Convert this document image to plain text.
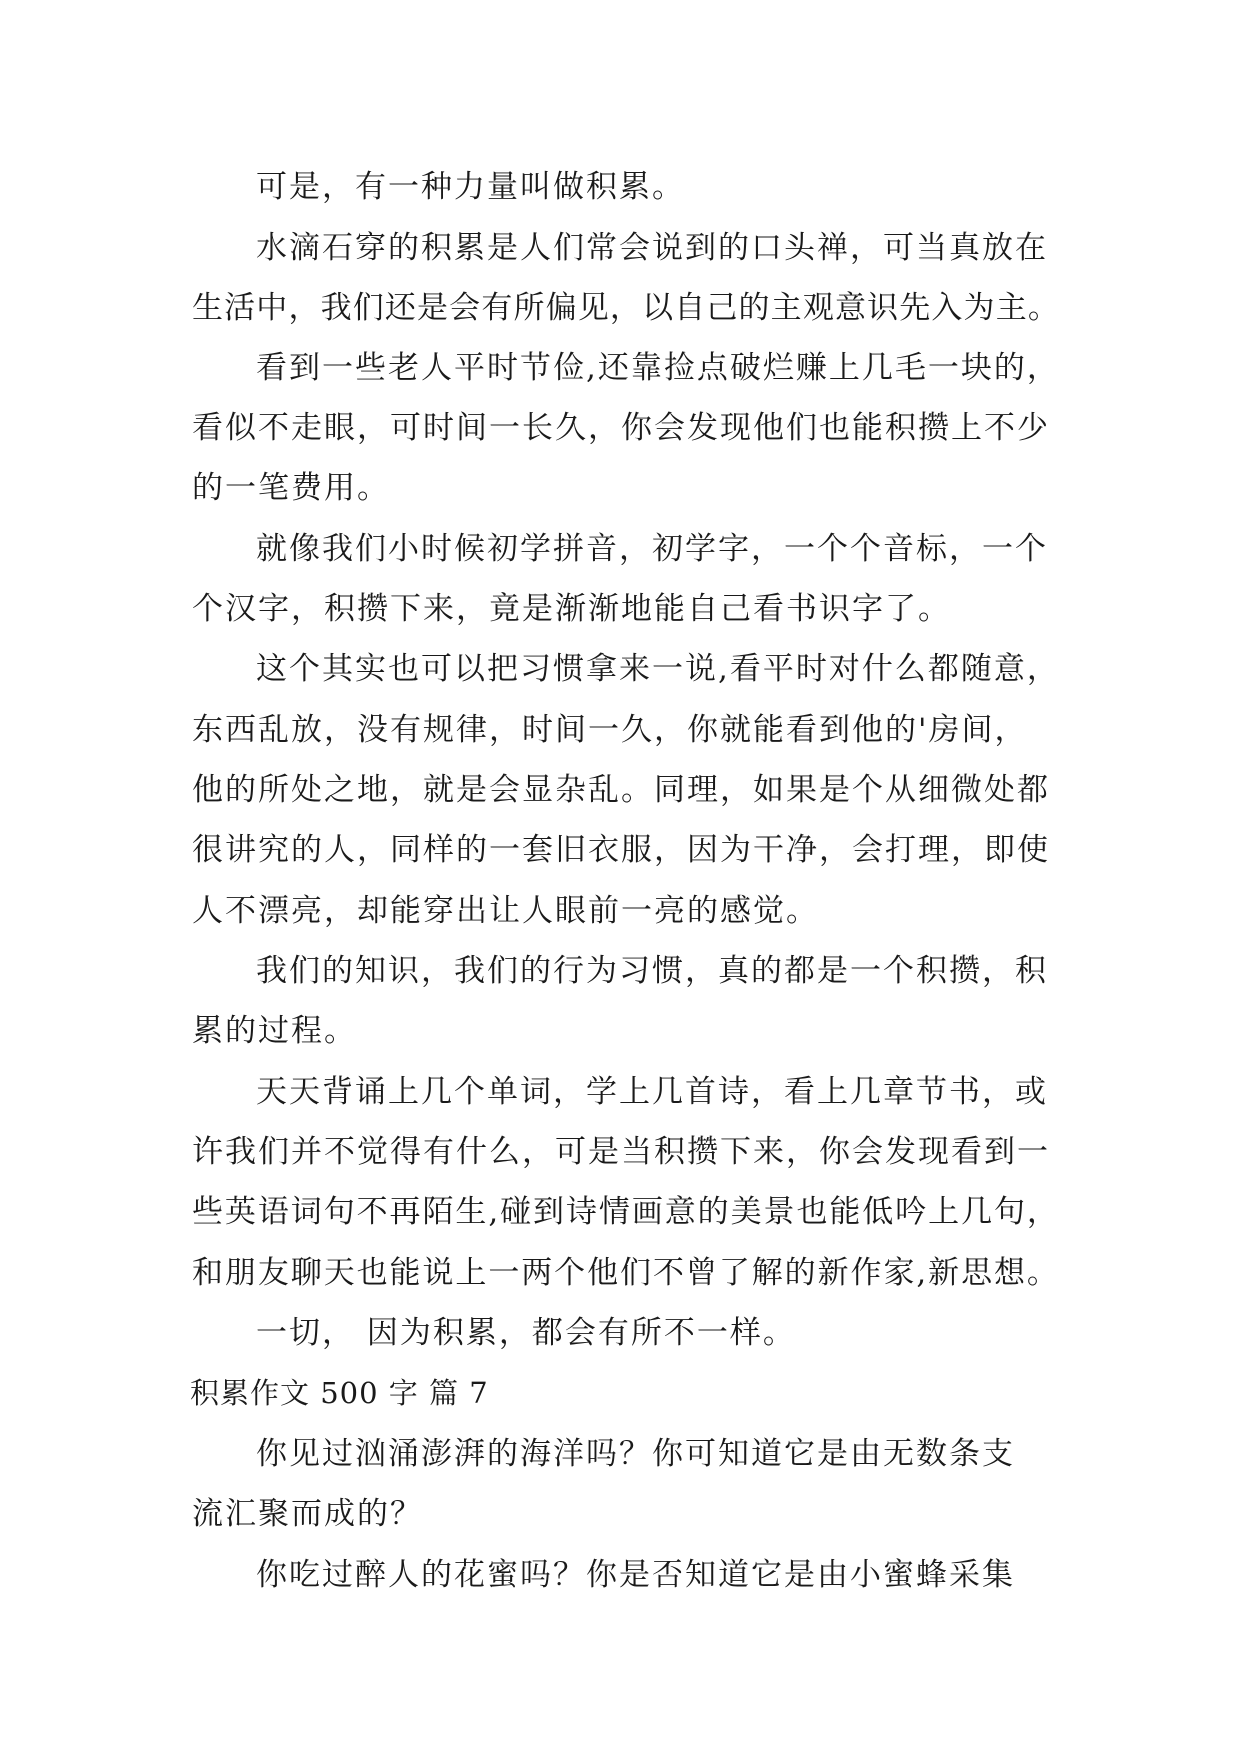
可是，有一种力量叫做积累。
水滴石穿的积累是人们常会说到的口头禅，可当真放在
生活中，我们还是会有所偏见，以自己的主观意识先入为主。
看到一些老人平时节俭,还靠捡点破烂赚上几毛一块的，
看似不走眼，可时间一长久，你会发现他们也能积攒上不少
的一笔费用。
就像我们小时候初学拼音，初学字，一个个音标，一个
个汉字，积攒下来，竟是渐渐地能自己看书识字了。
这个其实也可以把习惯拿来一说,看平时对什么都随意，
东西乱放，没有规律，时间一久，你就能看到他的'房间，
他的所处之地，就是会显杂乱。同理，如果是个从细微处都
很讲究的人，同样的一套旧衣服，因为干净，会打理，即使
人不漂亮，却能穿出让人眼前一亮的感觉。
我们的知识，我们的行为习惯，真的都是一个积攒，积
累的过程。
天天背诵上几个单词，学上几首诗，看上几章节书，或
许我们并不觉得有什么，可是当积攒下来，你会发现看到一
些英语词句不再陌生,碰到诗情画意的美景也能低吟上几句，
和朋友聊天也能说上一两个他们不曾了解的新作家,新思想。
一切， 因为积累，都会有所不一样。
积累作文 500 字 篇 7
你见过汹涌澎湃的海洋吗？你可知道它是由无数条支
流汇聚而成的？
你吃过醉人的花蜜吗？你是否知道它是由小蜜蜂采集
